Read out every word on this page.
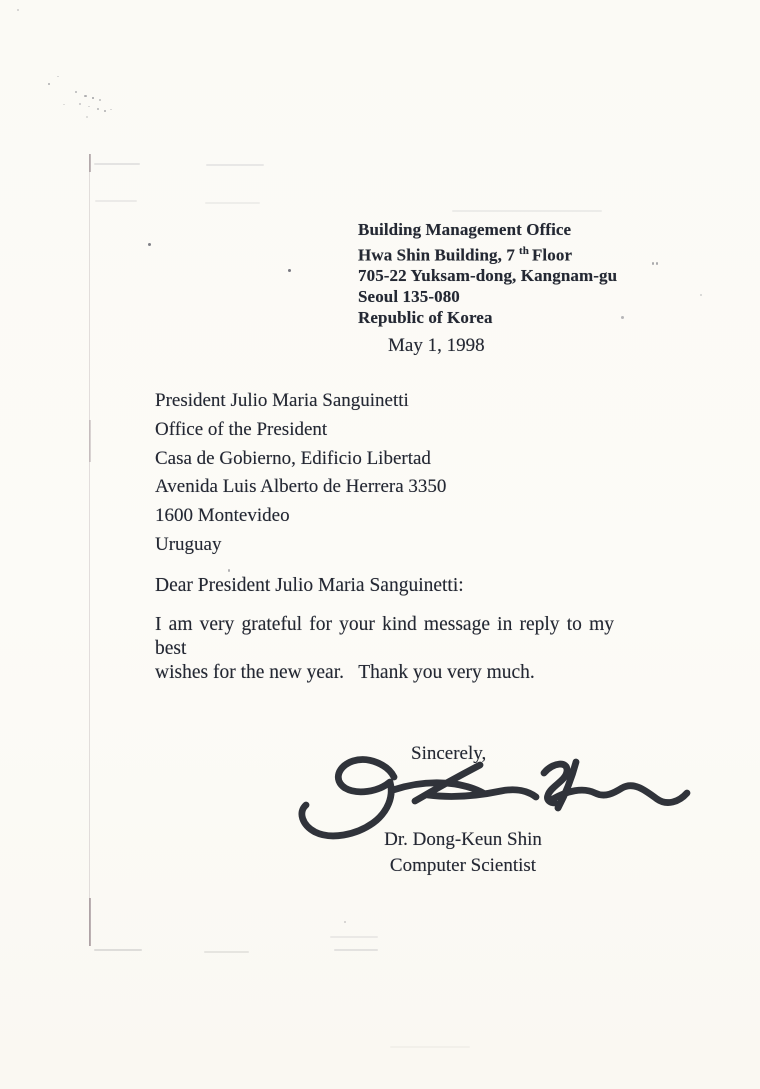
Building Management Office
Hwa Shin Building, 7 $^{th}$ Floor
705-22 Yuksam-dong, Kangnam-gu
Seoul 135-080
Republic of Korea
May 1, 1998
President Julio Maria Sanguinetti
Office of the President
Casa de Gobierno, Edificio Libertad
Avenida Luis Alberto de Herrera 3350
1600 Montevideo
Uruguay
Dear President Julio Maria Sanguinetti:
I am very grateful for your kind message in reply to my best
wishes for the new year.   Thank you very much.
Sincerely,
Dr. Dong-Keun Shin
Computer Scientist
